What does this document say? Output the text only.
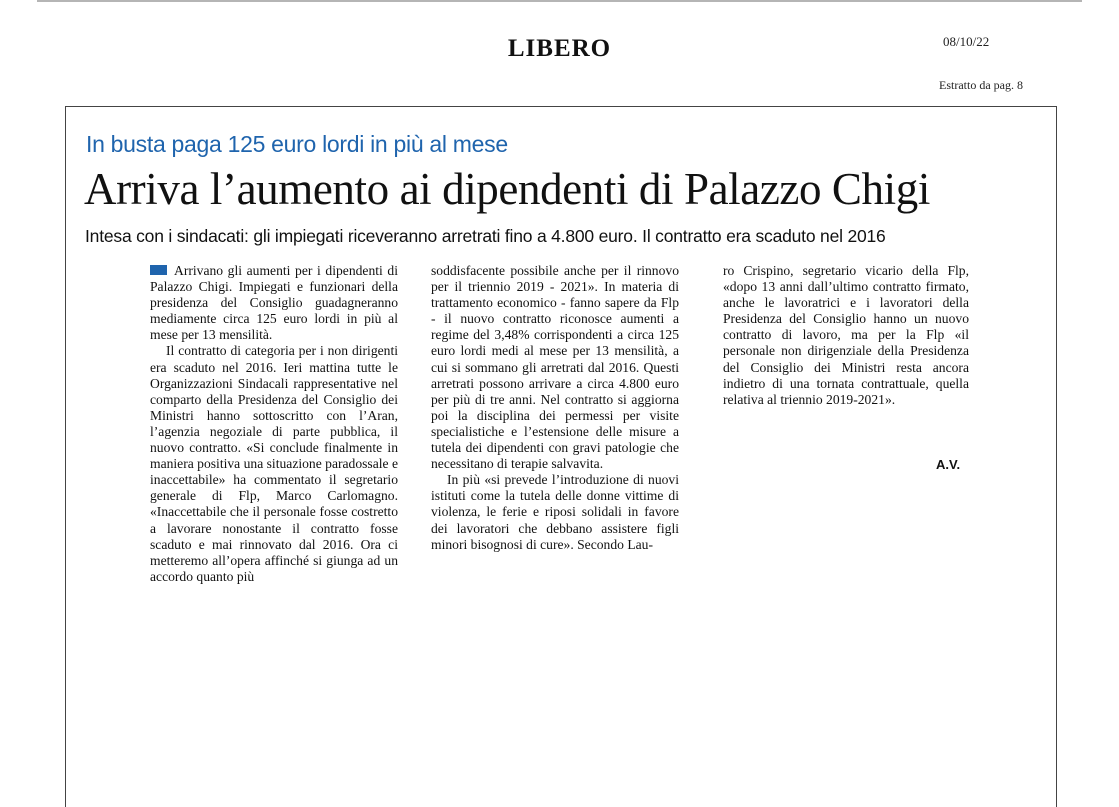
LIBERO	08/10/22
Estratto da pag. 8
In busta paga 125 euro lordi in più al mese
Arriva l’aumento ai dipendenti di Palazzo Chigi
Intesa con i sindacati: gli impiegati riceveranno arretrati fino a 4.800 euro. Il contratto era scaduto nel 2016

Arrivano gli aumenti per i dipendenti di Palazzo Chigi. Impiegati e funzionari della presidenza del Consiglio guadagneranno mediamente circa 125 euro lordi in più al mese per 13 mensilità.

Il contratto di categoria per i non dirigenti era scaduto nel 2016. Ieri mattina tutte le Organizzazioni Sindacali rappresentative nel comparto della Presidenza del Consiglio dei Ministri hanno sottoscritto con l’Aran, l’agenzia negoziale di parte pubblica, il nuovo contratto. «Si conclude finalmente in maniera positiva una situazione paradossale e inaccettabile» ha commentato il segretario generale di Flp, Marco Carlomagno. «Inaccettabile che il personale fosse costretto a lavorare nonostante il contratto fosse scaduto e mai rinnovato dal 2016. Ora ci metteremo all’opera affinché si giunga ad un accordo quanto più

soddisfacente possibile anche per il rinnovo per il triennio 2019 - 2021». In materia di trattamento economico - fanno sapere da Flp - il nuovo contratto riconosce aumenti a regime del 3,48% corrispondenti a circa 125 euro lordi medi al mese per 13 mensilità, a cui si sommano gli arretrati dal 2016. Questi arretrati possono arrivare a circa 4.800 euro per più di tre anni. Nel contratto si aggiorna poi la disciplina dei permessi per visite specialistiche e l’estensione delle misure a tutela dei dipendenti con gravi patologie che necessitano di terapie salvavita.

In più «si prevede l’introduzione di nuovi istituti come la tutela delle donne vittime di violenza, le ferie e riposi solidali in favore dei lavoratori che debbano assistere figli minori bisognosi di cure». Secondo Lau-

ro Crispino, segretario vicario della Flp, «dopo 13 anni dall’ultimo contratto firmato, anche le lavoratrici e i lavoratori della Presidenza del Consiglio hanno un nuovo contratto di lavoro, ma per la Flp «il personale non dirigenziale della Presidenza del Consiglio dei Ministri resta ancora indietro di una tornata contrattuale, quella relativa al triennio 2019-2021».

A.V.
